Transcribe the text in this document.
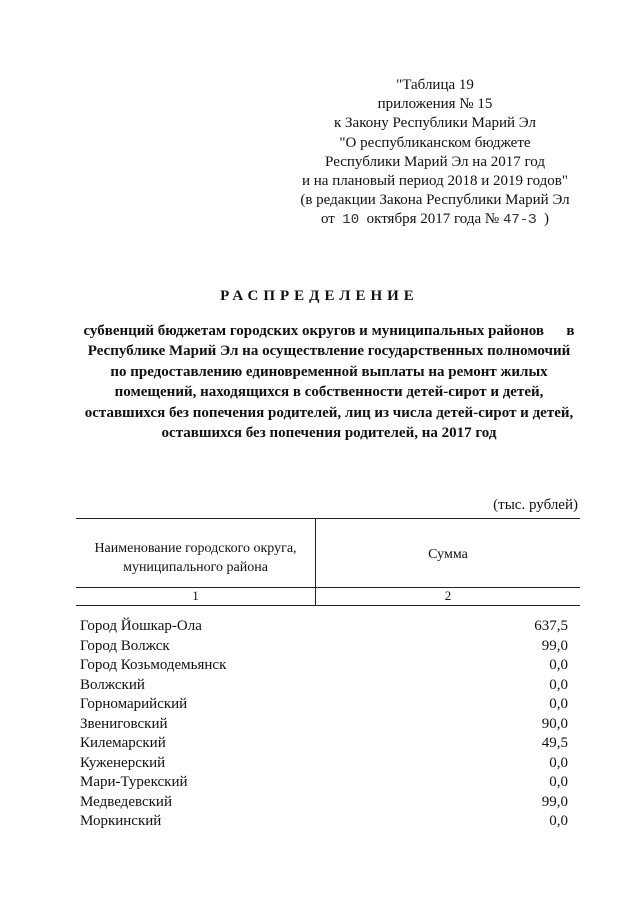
"Таблица 19
приложения № 15
к Закону Республики Марий Эл
"О республиканском бюджете
Республики Марий Эл на 2017 год
и на плановый период 2018 и 2019 годов"
(в редакции Закона Республики Марий Эл
от 10 октября 2017 года № 47-З )
РАСПРЕДЕЛЕНИЕ
субвенций бюджетам городских округов и муниципальных районов      в
Республике Марий Эл на осуществление государственных полномочий
по предоставлению единовременной выплаты на ремонт жилых
помещений, находящихся в собственности детей-сирот и детей,
оставшихся без попечения родителей, лиц из числа детей-сирот и детей,
оставшихся без попечения родителей, на 2017 год
(тыс. рублей)
Наименование городского округа,
муниципального района
Сумма
1	2
Город Йошкар-Ола	637,5
Город Волжск	99,0
Город Козьмодемьянск	0,0
Волжский	0,0
Горномарийский	0,0
Звениговский	90,0
Килемарский	49,5
Куженерский	0,0
Мари-Турекский	0,0
Медведевский	99,0
Моркинский	0,0
